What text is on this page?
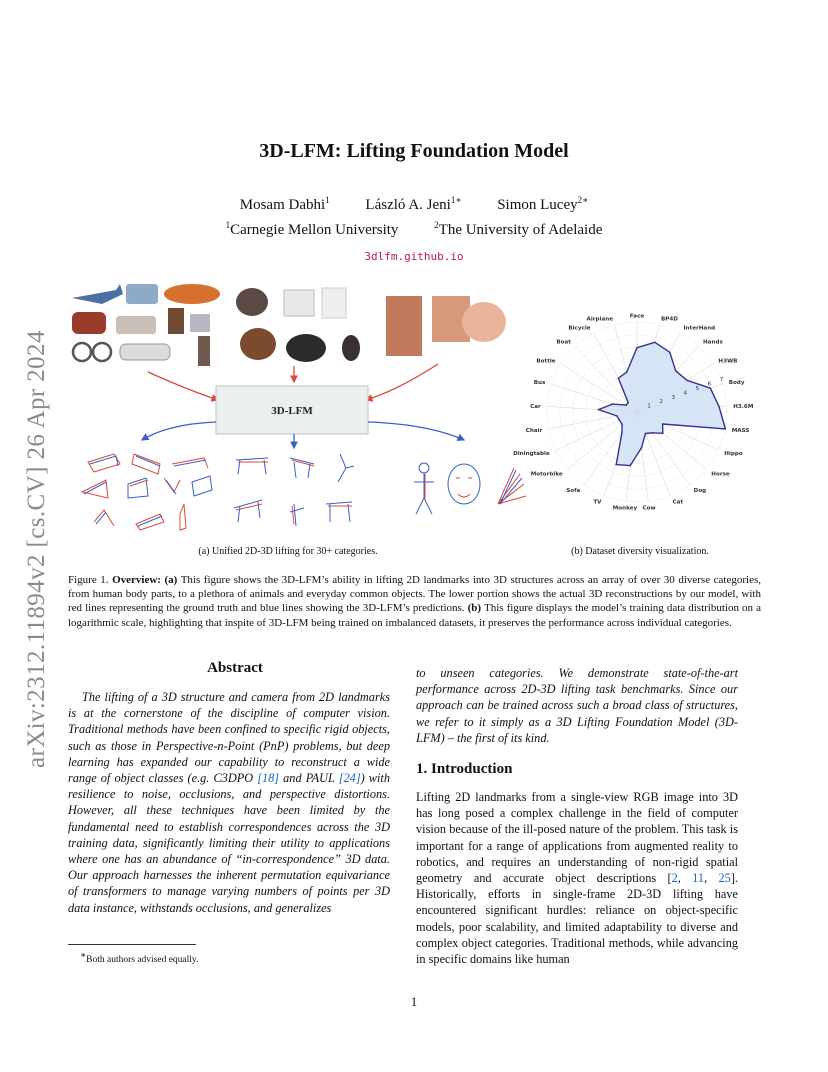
arXiv:2312.11894v2 [cs.CV] 26 Apr 2024
3D-LFM: Lifting Foundation Model
Mosam Dabhi$^1$ László A. Jeni$^{1∗}$ Simon Lucey$^{2∗}$
$^1$Carnegie Mellon University	$^2$The University of Adelaide
3dlfm.github.io
3D-LFM	1
2
3
4
5
6
7
Face
BP4D
InterHand
Hands
H3WB
Body
H3.6M
MASS
Hippo
Horse
Dog
Cat
Cow
Monkey
TV
Sofa
Motorbike
Diningtable
Chair
Car
Bus
Bottle
Boat
Bicycle
Airplane
(a) Unified 2D-3D lifting for 30+ categories.	(b) Dataset diversity visualization.
Figure 1. Overview: (a) This figure shows the 3D-LFM’s ability in lifting 2D landmarks into 3D structures across an array of over 30 diverse categories, from human body parts, to a plethora of animals and everyday common objects. The lower portion shows the actual 3D reconstructions by our model, with red lines representing the ground truth and blue lines showing the 3D-LFM’s predictions. (b) This figure displays the model’s training data distribution on a logarithmic scale, highlighting that inspite of 3D-LFM being trained on imbalanced datasets, it preserves the performance across individual categories.
Abstract
The lifting of a 3D structure and camera from 2D landmarks is at the cornerstone of the discipline of computer vision. Traditional methods have been confined to specific rigid objects, such as those in Perspective-n-Point (PnP) problems, but deep learning has expanded our capability to reconstruct a wide range of object classes (e.g. C3DPO [18] and PAUL [24]) with resilience to noise, occlusions, and perspective distortions. However, all these techniques have been limited by the fundamental need to establish correspondences across the 3D training data, significantly limiting their utility to applications where one has an abundance of “in-correspondence” 3D data. Our approach harnesses the inherent permutation equivariance of transformers to manage varying numbers of points per 3D data instance, withstands occlusions, and generalizes
to unseen categories. We demonstrate state-of-the-art performance across 2D-3D lifting task benchmarks. Since our approach can be trained across such a broad class of structures, we refer to it simply as a 3D Lifting Foundation Model (3D-LFM) – the first of its kind.
1. Introduction
Lifting 2D landmarks from a single-view RGB image into 3D has long posed a complex challenge in the field of computer vision because of the ill-posed nature of the problem. This task is important for a range of applications from augmented reality to robotics, and requires an understanding of non-rigid spatial geometry and accurate object descriptions [2, 11, 25]. Historically, efforts in single-frame 2D-3D lifting have encountered significant hurdles: reliance on object-specific models, poor scalability, and limited adaptability to diverse and complex object categories. Traditional methods, while advancing in specific domains like human
∗Both authors advised equally.
1
